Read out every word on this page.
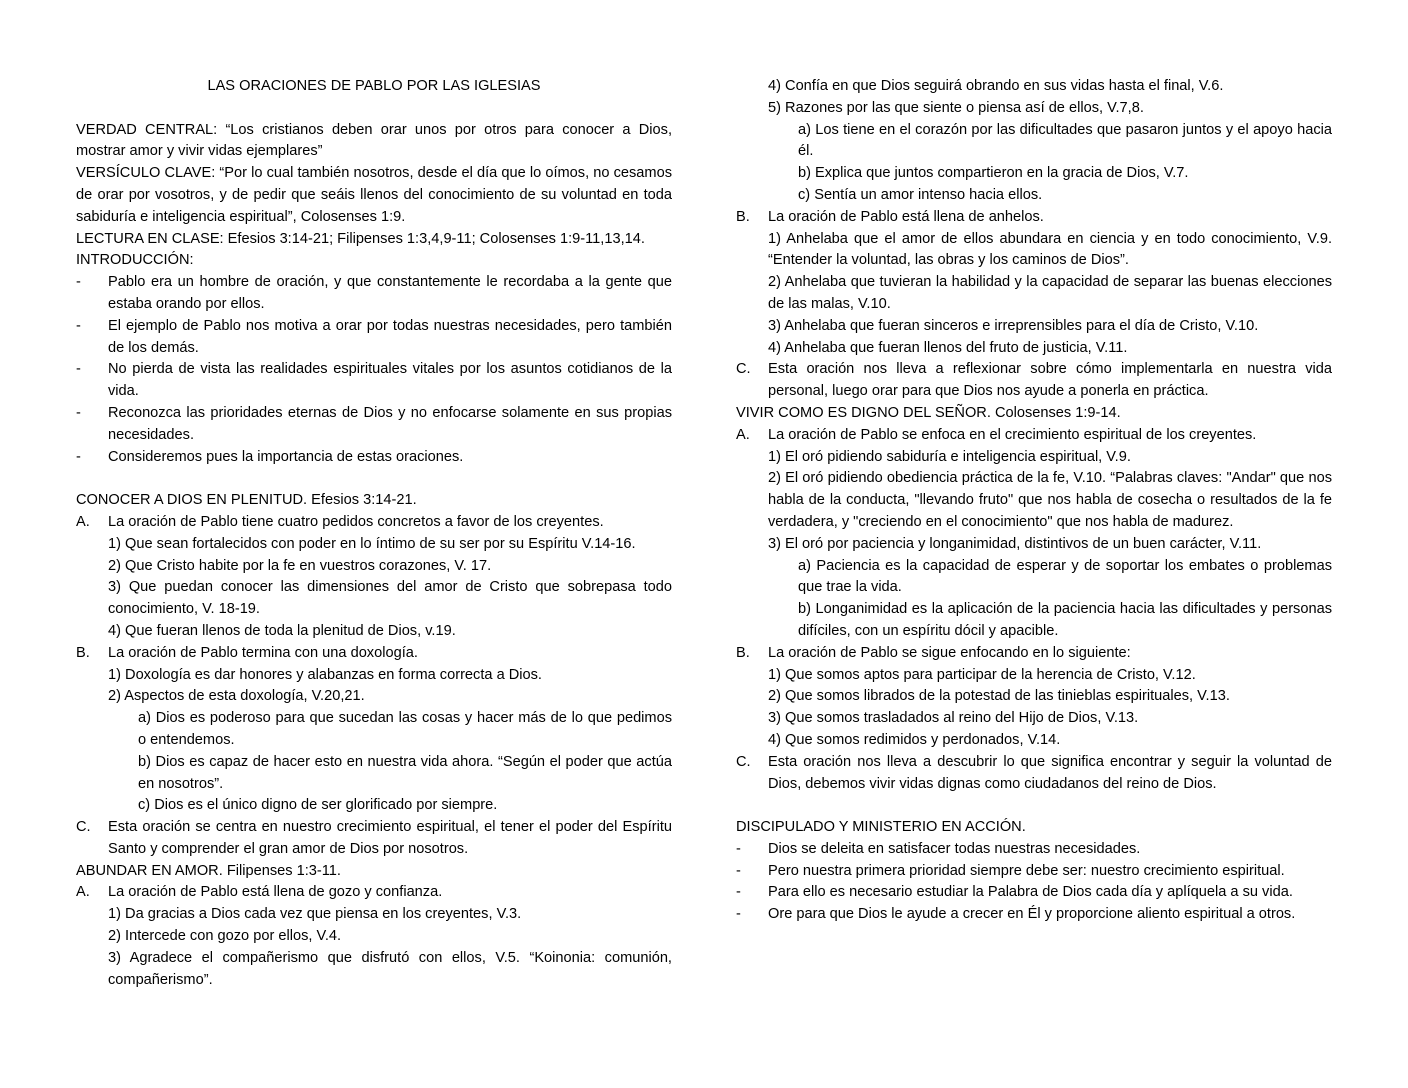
LAS ORACIONES DE PABLO POR LAS IGLESIAS

VERDAD CENTRAL: “Los cristianos deben orar unos por otros para conocer a Dios, mostrar amor y vivir vidas ejemplares”

VERSÍCULO CLAVE: “Por lo cual también nosotros, desde el día que lo oímos, no cesamos de orar por vosotros, y de pedir que seáis llenos del conocimiento de su voluntad en toda sabiduría e inteligencia espiritual”, Colosenses 1:9.

LECTURA EN CLASE: Efesios 3:14-21; Filipenses 1:3,4,9-11; Colosenses 1:9-11,13,14.

INTRODUCCIÓN:

-	Pablo era un hombre de oración, y que constantemente le recordaba a la gente que estaba orando por ellos.
-	El ejemplo de Pablo nos motiva a orar por todas nuestras necesidades, pero también de los demás.
-	No pierda de vista las realidades espirituales vitales por los asuntos cotidianos de la vida.
-	Reconozca las prioridades eternas de Dios y no enfocarse solamente en sus propias necesidades.
-	Consideremos pues la importancia de estas oraciones.

CONOCER A DIOS EN PLENITUD. Efesios 3:14-21.

A.	La oración de Pablo tiene cuatro pedidos concretos a favor de los creyentes.

1) Que sean fortalecidos con poder en lo íntimo de su ser por su Espíritu V.14-16.

2) Que Cristo habite por la fe en vuestros corazones, V. 17.

3) Que puedan conocer las dimensiones del amor de Cristo que sobrepasa todo conocimiento, V. 18-19.

4) Que fueran llenos de toda la plenitud de Dios, v.19.

B.	La oración de Pablo termina con una doxología.

1) Doxología es dar honores y alabanzas en forma correcta a Dios.

2) Aspectos de esta doxología, V.20,21.

a) Dios es poderoso para que sucedan las cosas y hacer más de lo que pedimos o entendemos.

b) Dios es capaz de hacer esto en nuestra vida ahora. “Según el poder que actúa en nosotros”.

c) Dios es el único digno de ser glorificado por siempre.

C.	Esta oración se centra en nuestro crecimiento espiritual, el tener el poder del Espíritu Santo y comprender el gran amor de Dios por nosotros.

ABUNDAR EN AMOR. Filipenses 1:3-11.

A.	La oración de Pablo está llena de gozo y confianza.

1) Da gracias a Dios cada vez que piensa en los creyentes, V.3.

2) Intercede con gozo por ellos, V.4.

3) Agradece el compañerismo que disfrutó con ellos, V.5. “Koinonia: comunión, compañerismo”.

4) Confía en que Dios seguirá obrando en sus vidas hasta el final, V.6.

5) Razones por las que siente o piensa así de ellos, V.7,8.

a) Los tiene en el corazón por las dificultades que pasaron juntos y el apoyo hacia él.

b) Explica que juntos compartieron en la gracia de Dios, V.7.

c) Sentía un amor intenso hacia ellos.

B.	La oración de Pablo está llena de anhelos.

1) Anhelaba que el amor de ellos abundara en ciencia y en todo conocimiento, V.9. “Entender la voluntad, las obras y los caminos de Dios”.

2) Anhelaba que tuvieran la habilidad y la capacidad de separar las buenas elecciones de las malas, V.10.

3) Anhelaba que fueran sinceros e irreprensibles para el día de Cristo, V.10.

4) Anhelaba que fueran llenos del fruto de justicia, V.11.

C.	Esta oración nos lleva a reflexionar sobre cómo implementarla en nuestra vida personal, luego orar para que Dios nos ayude a ponerla en práctica.

VIVIR COMO ES DIGNO DEL SEÑOR. Colosenses 1:9-14.

A.	La oración de Pablo se enfoca en el crecimiento espiritual de los creyentes.

1) El oró pidiendo sabiduría e inteligencia espiritual, V.9.

2) El oró pidiendo obediencia práctica de la fe, V.10. “Palabras claves: "Andar" que nos habla de la conducta, "llevando fruto" que nos habla de cosecha o resultados de la fe verdadera, y "creciendo en el conocimiento" que nos habla de madurez.

3) El oró por paciencia y longanimidad, distintivos de un buen carácter, V.11.

a) Paciencia es la capacidad de esperar y de soportar los embates o problemas que trae la vida.

b) Longanimidad es la aplicación de la paciencia hacia las dificultades y personas difíciles, con un espíritu dócil y apacible.

B.	La oración de Pablo se sigue enfocando en lo siguiente:

1) Que somos aptos para participar de la herencia de Cristo, V.12.

2) Que somos librados de la potestad de las tinieblas espirituales, V.13.

3) Que somos trasladados al reino del Hijo de Dios, V.13.

4) Que somos redimidos y perdonados, V.14.

C.	Esta oración nos lleva a descubrir lo que significa encontrar y seguir la voluntad de Dios, debemos vivir vidas dignas como ciudadanos del reino de Dios.

DISCIPULADO Y MINISTERIO EN ACCIÓN.

-	Dios se deleita en satisfacer todas nuestras necesidades.
-	Pero nuestra primera prioridad siempre debe ser: nuestro crecimiento espiritual.
-	Para ello es necesario estudiar la Palabra de Dios cada día y aplíquela a su vida.
-	Ore para que Dios le ayude a crecer en Él y proporcione aliento espiritual a otros.
